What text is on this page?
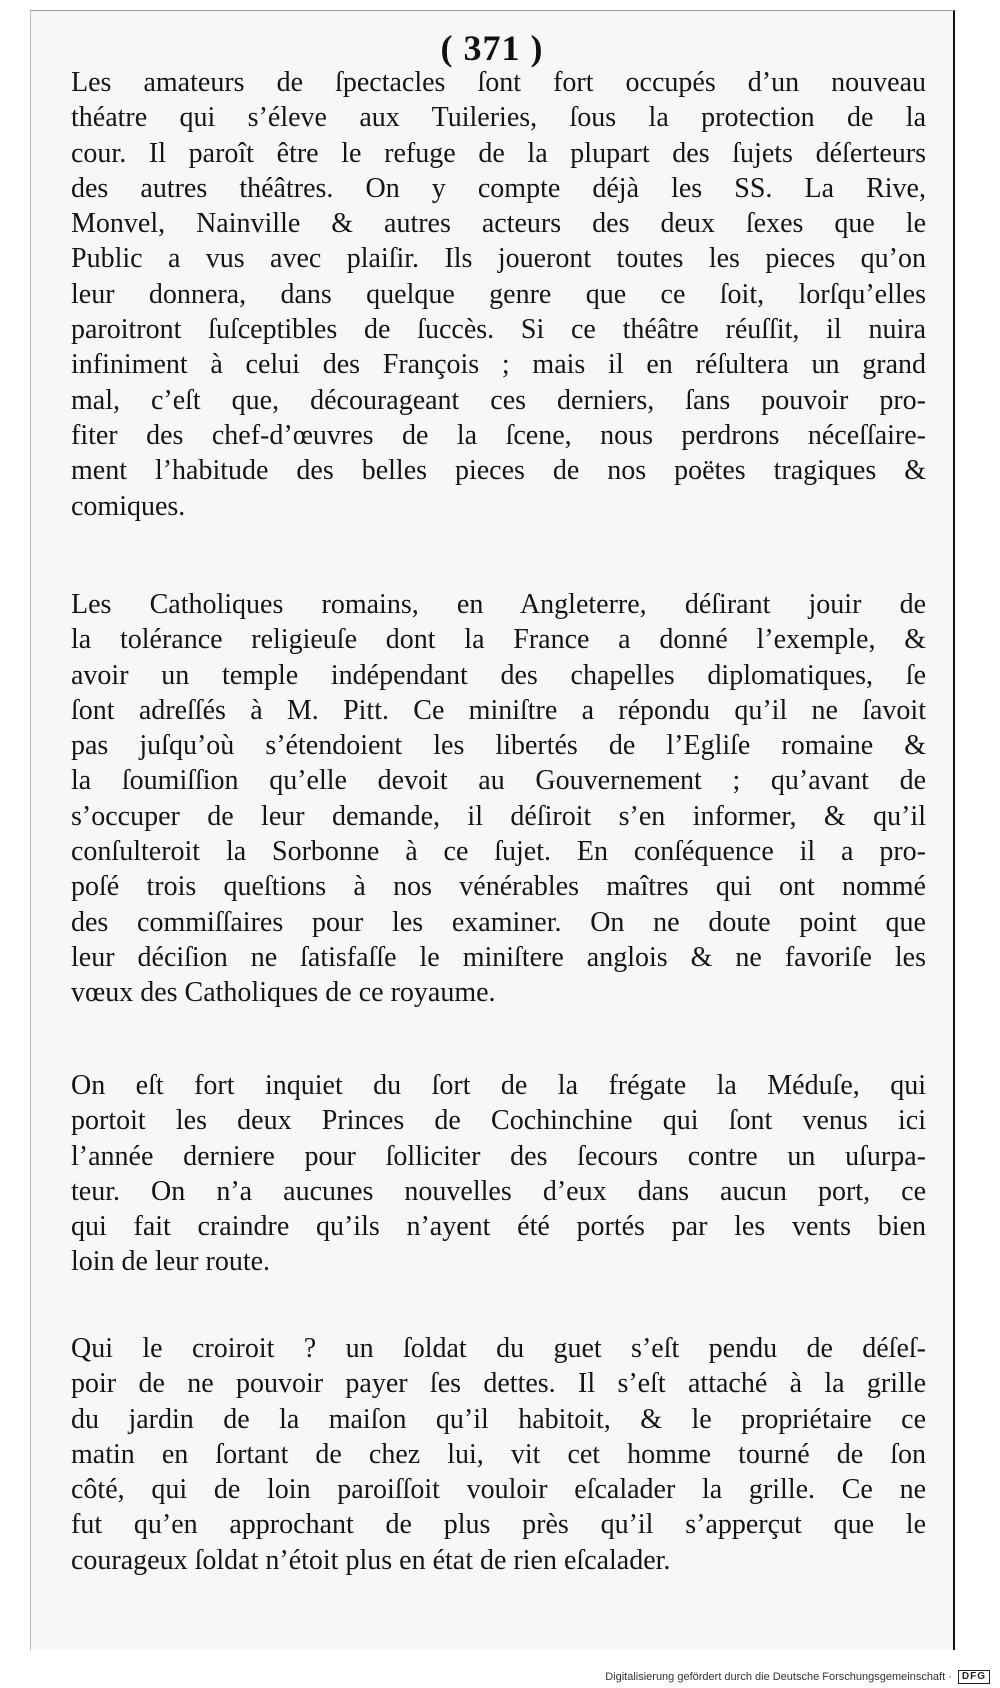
( 371 )
Les amateurs de ſpectacles ſont fort occupés d’un nouveau
théatre qui s’éleve aux Tuileries, ſous la protection de la
cour. Il paroît être le refuge de la plupart des ſujets déſerteurs
des autres théâtres. On y compte déjà les SS. La Rive,
Monvel, Nainville & autres acteurs des deux ſexes que le
Public a vus avec plaiſir. Ils joueront toutes les pieces qu’on
leur donnera, dans quelque genre que ce ſoit, lorſqu’elles
paroitront ſuſceptibles de ſuccès. Si ce théâtre réuſſit, il nuira
infiniment à celui des François ; mais il en réſultera un grand
mal, c’eſt que, décourageant ces derniers, ſans pouvoir pro-
fiter des chef-d’œuvres de la ſcene, nous perdrons néceſſaire-
ment l’habitude des belles pieces de nos poëtes tragiques &
comiques.
Les Catholiques romains, en Angleterre, déſirant jouir de
la tolérance religieuſe dont la France a donné l’exemple, &
avoir un temple indépendant des chapelles diplomatiques, ſe
ſont adreſſés à M. Pitt. Ce miniſtre a répondu qu’il ne ſavoit
pas juſqu’où s’étendoient les libertés de l’Egliſe romaine &
la ſoumiſſion qu’elle devoit au Gouvernement ; qu’avant de
s’occuper de leur demande, il déſiroit s’en informer, & qu’il
conſulteroit la Sorbonne à ce ſujet. En conſéquence il a pro-
poſé trois queſtions à nos vénérables maîtres qui ont nommé
des commiſſaires pour les examiner. On ne doute point que
leur déciſion ne ſatisfaſſe le miniſtere anglois & ne favoriſe les
vœux des Catholiques de ce royaume.
On eſt fort inquiet du ſort de la frégate la Méduſe, qui
portoit les deux Princes de Cochinchine qui ſont venus ici
l’année derniere pour ſolliciter des ſecours contre un uſurpa-
teur. On n’a aucunes nouvelles d’eux dans aucun port, ce
qui fait craindre qu’ils n’ayent été portés par les vents bien
loin de leur route.
Qui le croiroit ? un ſoldat du guet s’eſt pendu de déſeſ-
poir de ne pouvoir payer ſes dettes. Il s’eſt attaché à la grille
du jardin de la maiſon qu’il habitoit, & le propriétaire ce
matin en ſortant de chez lui, vit cet homme tourné de ſon
côté, qui de loin paroiſſoit vouloir eſcalader la grille. Ce ne
fut qu’en approchant de plus près qu’il s’apperçut que le
courageux ſoldat n’étoit plus en état de rien eſcalader.
Digitalisierung gefördert durch die Deutsche Forschungsgemeinschaft ·	DFG
